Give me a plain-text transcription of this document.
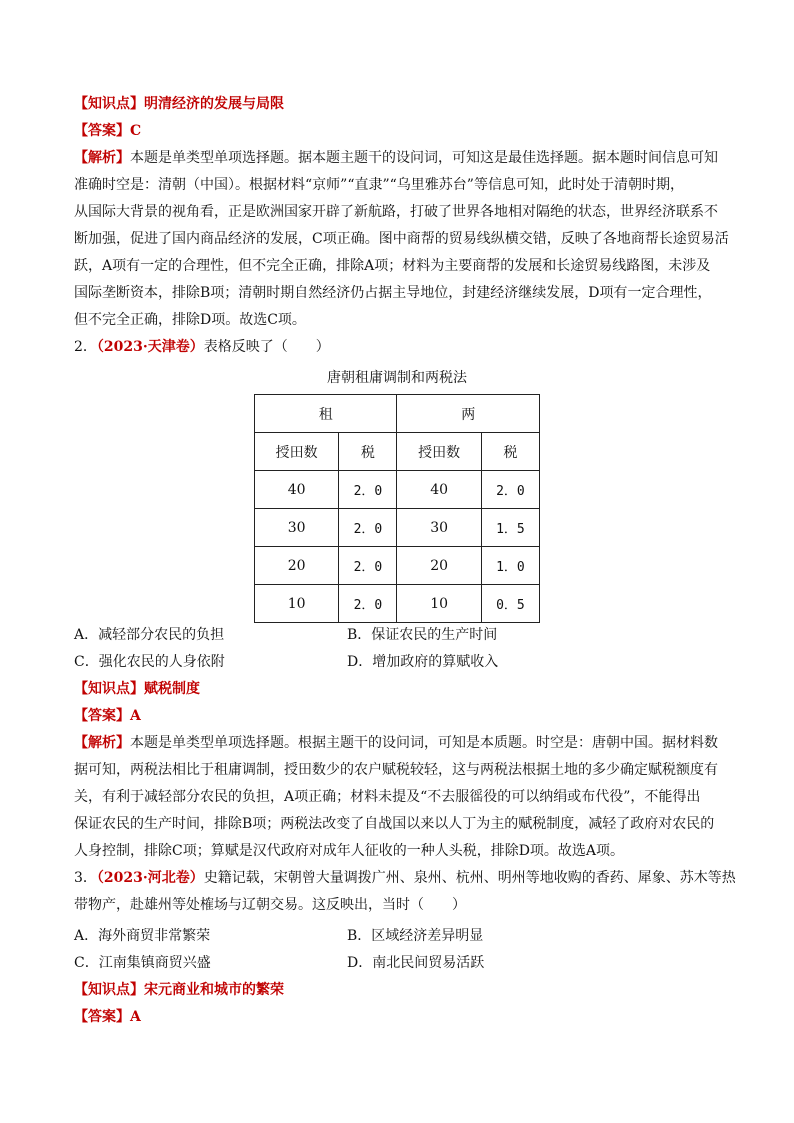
【知识点】明清经济的发展与局限
【答案】C
【解析】本题是单类型单项选择题。据本题主题干的设问词，可知这是最佳选择题。据本题时间信息可知
准确时空是：清朝（中国）。根据材料“京师”“直隶”“乌里雅苏台”等信息可知，此时处于清朝时期，
从国际大背景的视角看，正是欧洲国家开辟了新航路，打破了世界各地相对隔绝的状态，世界经济联系不
断加强，促进了国内商品经济的发展，C项正确。图中商帮的贸易线纵横交错，反映了各地商帮长途贸易活
跃，A项有一定的合理性，但不完全正确，排除A项；材料为主要商帮的发展和长途贸易线路图，未涉及
国际垄断资本，排除B项；清朝时期自然经济仍占据主导地位，封建经济继续发展，D项有一定合理性，
但不完全正确，排除D项。故选C项。
2．（2023·天津卷）表格反映了（　　）
唐朝租庸调制和两税法
租		两	
授田数	税	授田数	税
40	2．0	40	2．0
30	2．0	30	1．5
20	2．0	20	1．0
10	2．0	10	0．5
A．减轻部分农民的负担	B．保证农民的生产时间
C．强化农民的人身依附	D．增加政府的算赋收入
【知识点】赋税制度
【答案】A
【解析】本题是单类型单项选择题。根据主题干的设问词，可知是本质题。时空是：唐朝中国。据材料数
据可知，两税法相比于租庸调制，授田数少的农户赋税较轻，这与两税法根据土地的多少确定赋税额度有
关，有利于减轻部分农民的负担，A项正确；材料未提及“不去服徭役的可以纳绢或布代役”，不能得出
保证农民的生产时间，排除B项；两税法改变了自战国以来以人丁为主的赋税制度，减轻了政府对农民的
人身控制，排除C项；算赋是汉代政府对成年人征收的一种人头税，排除D项。故选A项。
3．（2023·河北卷）史籍记载，宋朝曾大量调拨广州、泉州、杭州、明州等地收购的香药、犀象、苏木等热
带物产，赴雄州等处榷场与辽朝交易。这反映出，当时（　　）
A．海外商贸非常繁荣	B．区域经济差异明显
C．江南集镇商贸兴盛	D．南北民间贸易活跃
【知识点】宋元商业和城市的繁荣
【答案】A
